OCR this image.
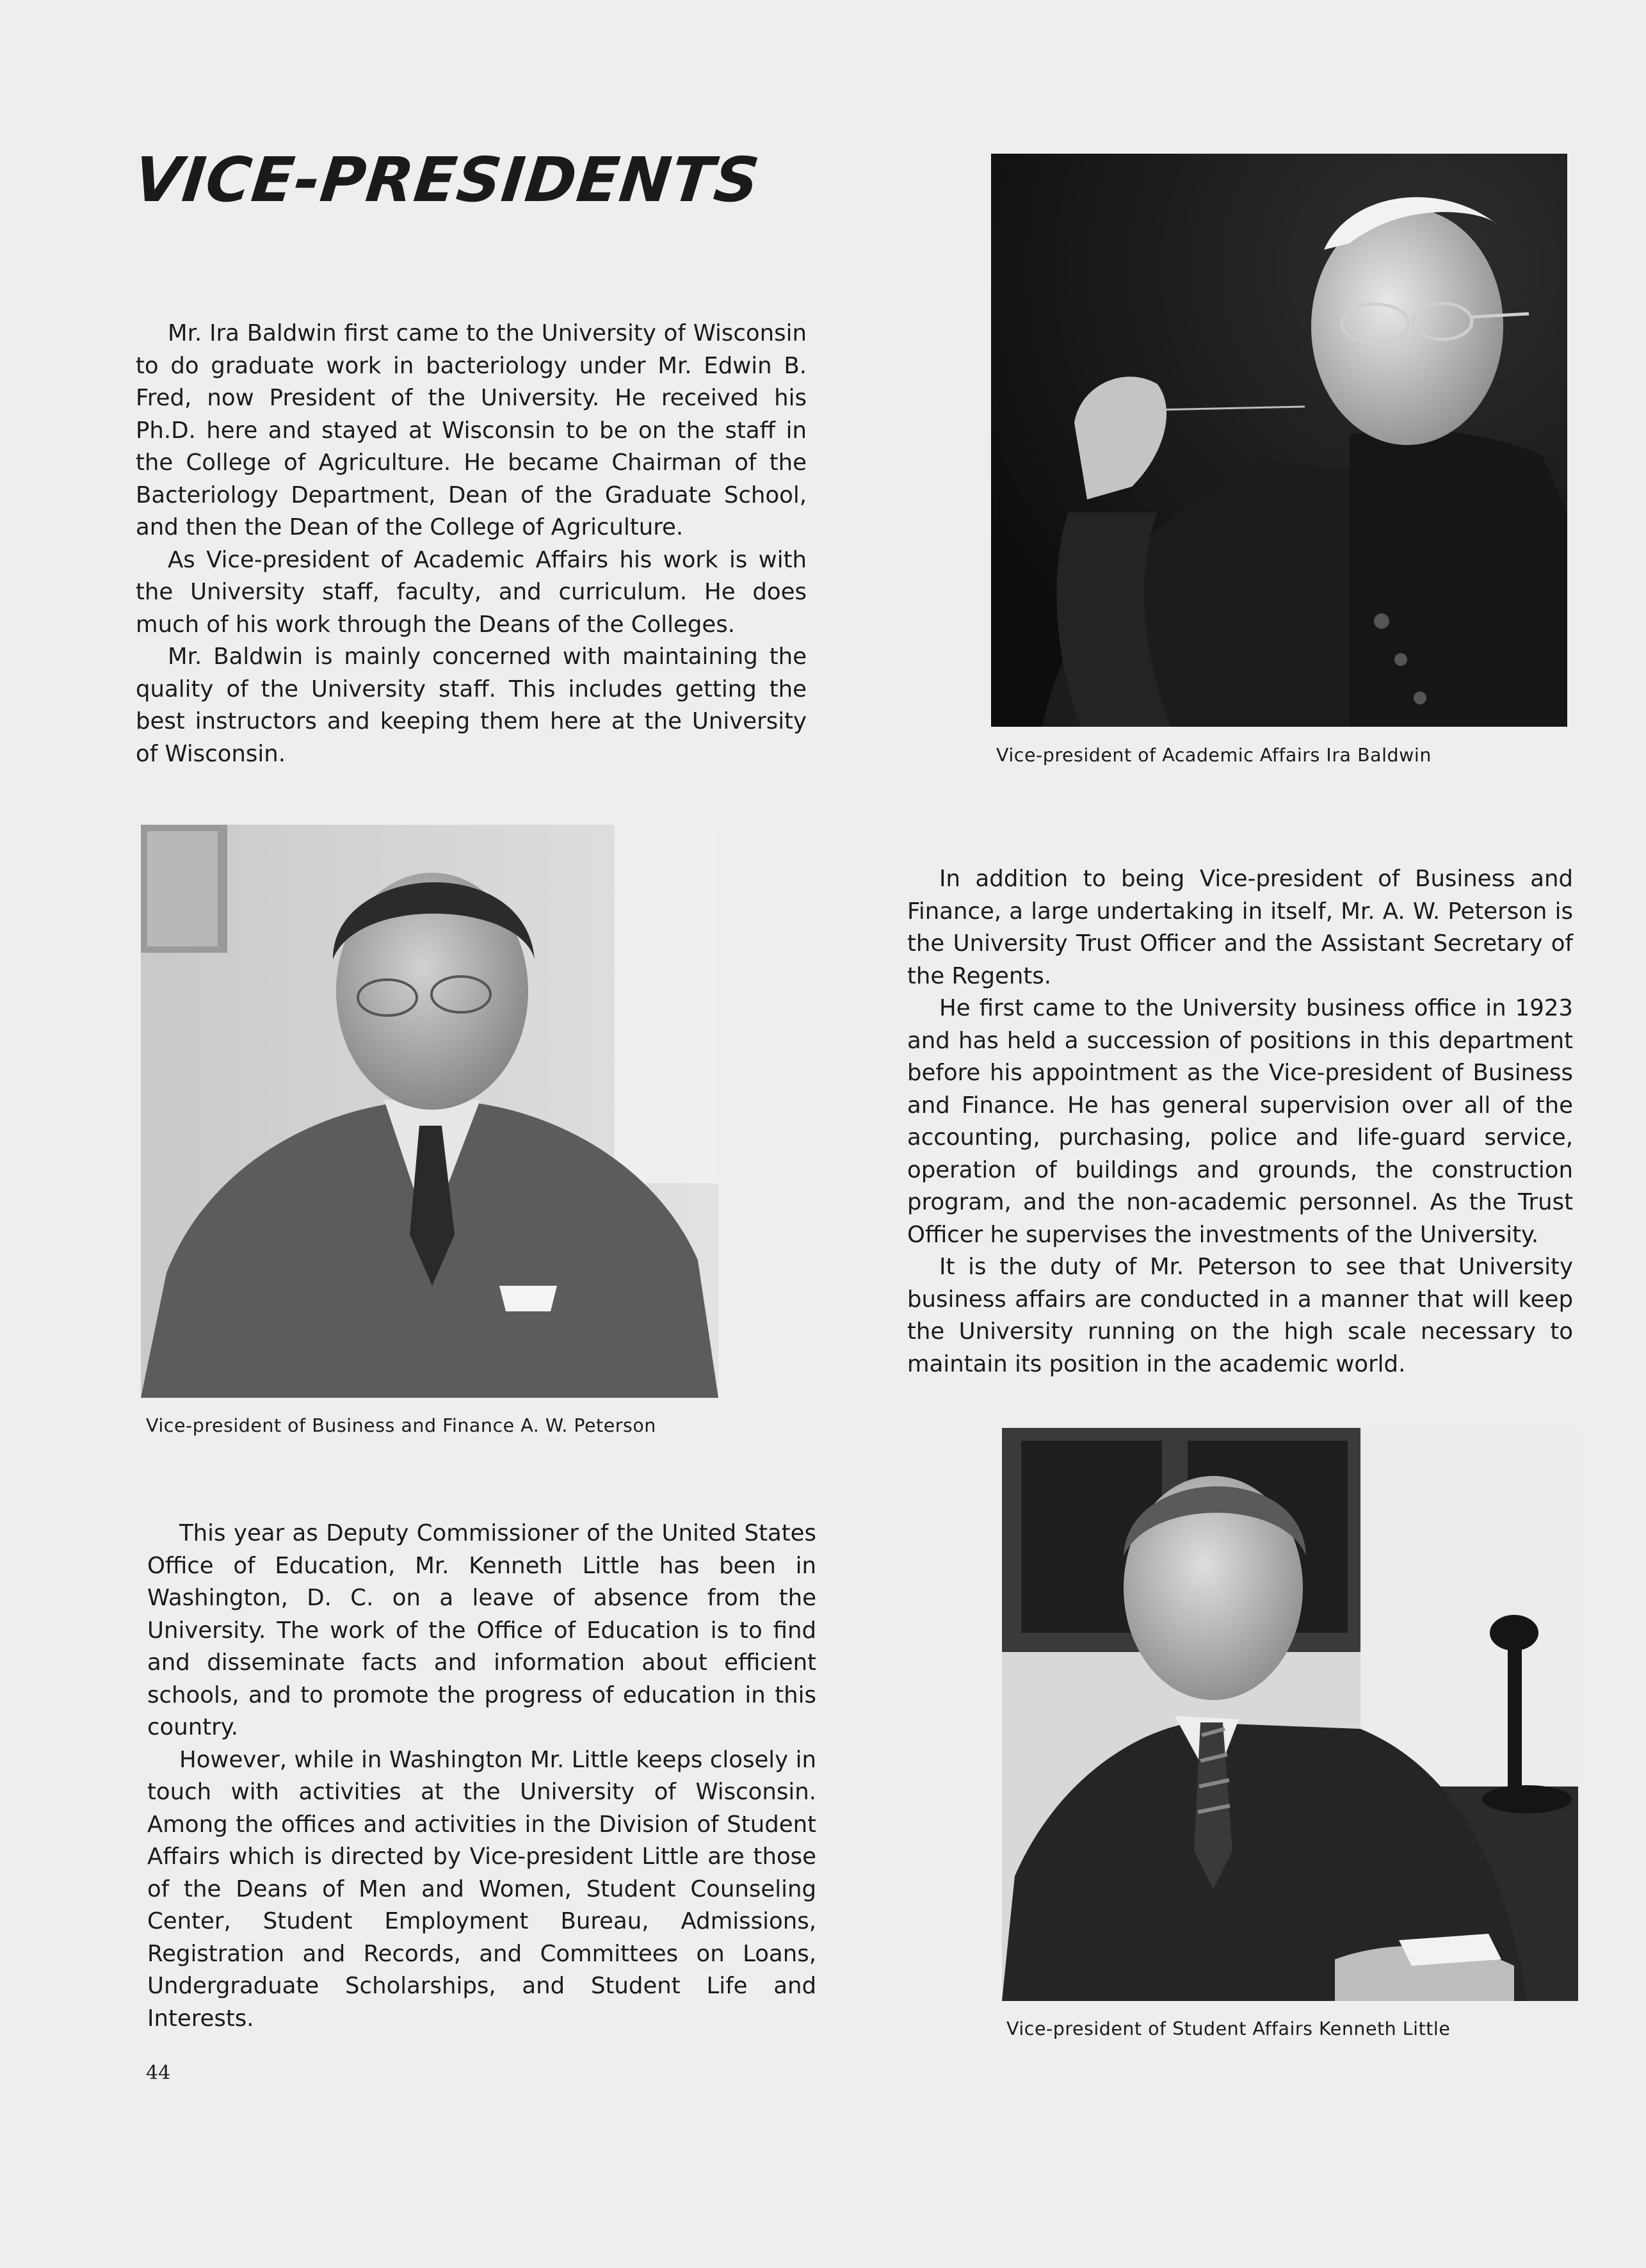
VICE-PRESIDENTS

Mr. Ira Baldwin first came to the University of Wisconsin to do graduate work in bacteriology under Mr. Edwin B. Fred, now President of the University. He received his Ph.D. here and stayed at Wisconsin to be on the staff in the College of Agriculture. He became Chairman of the Bacteriology Department, Dean of the Graduate School, and then the Dean of the College of Agriculture.

As Vice-president of Academic Affairs his work is with the University staff, faculty, and curriculum. He does much of his work through the Deans of the Colleges.

Mr. Baldwin is mainly concerned with maintaining the quality of the University staff. This includes getting the best instructors and keeping them here at the University of Wisconsin.	Vice-president of Academic Affairs Ira Baldwin
Vice-president of Business and Finance A. W. Peterson

In addition to being Vice-president of Business and Finance, a large undertaking in itself, Mr. A. W. Peterson is the University Trust Officer and the Assistant Secretary of the Regents.

He first came to the University business office in 1923 and has held a succession of positions in this department before his appointment as the Vice-president of Business and Finance. He has general supervision over all of the accounting, purchasing, police and life-guard service, operation of buildings and grounds, the construction program, and the non-academic personnel. As the Trust Officer he supervises the investments of the University.

It is the duty of Mr. Peterson to see that University business affairs are conducted in a manner that will keep the University running on the high scale necessary to maintain its position in the academic world.

This year as Deputy Commissioner of the United States Office of Education, Mr. Kenneth Little has been in Washington, D. C. on a leave of absence from the University. The work of the Office of Education is to find and disseminate facts and information about efficient schools, and to promote the progress of education in this country.

However, while in Washington Mr. Little keeps closely in touch with activities at the University of Wisconsin. Among the offices and activities in the Division of Student Affairs which is directed by Vice-president Little are those of the Deans of Men and Women, Student Counseling Center, Student Employment Bureau, Admissions, Registration and Records, and Committees on Loans, Undergraduate Scholarships, and Student Life and Interests.	Vice-president of Student Affairs Kenneth Little
44
